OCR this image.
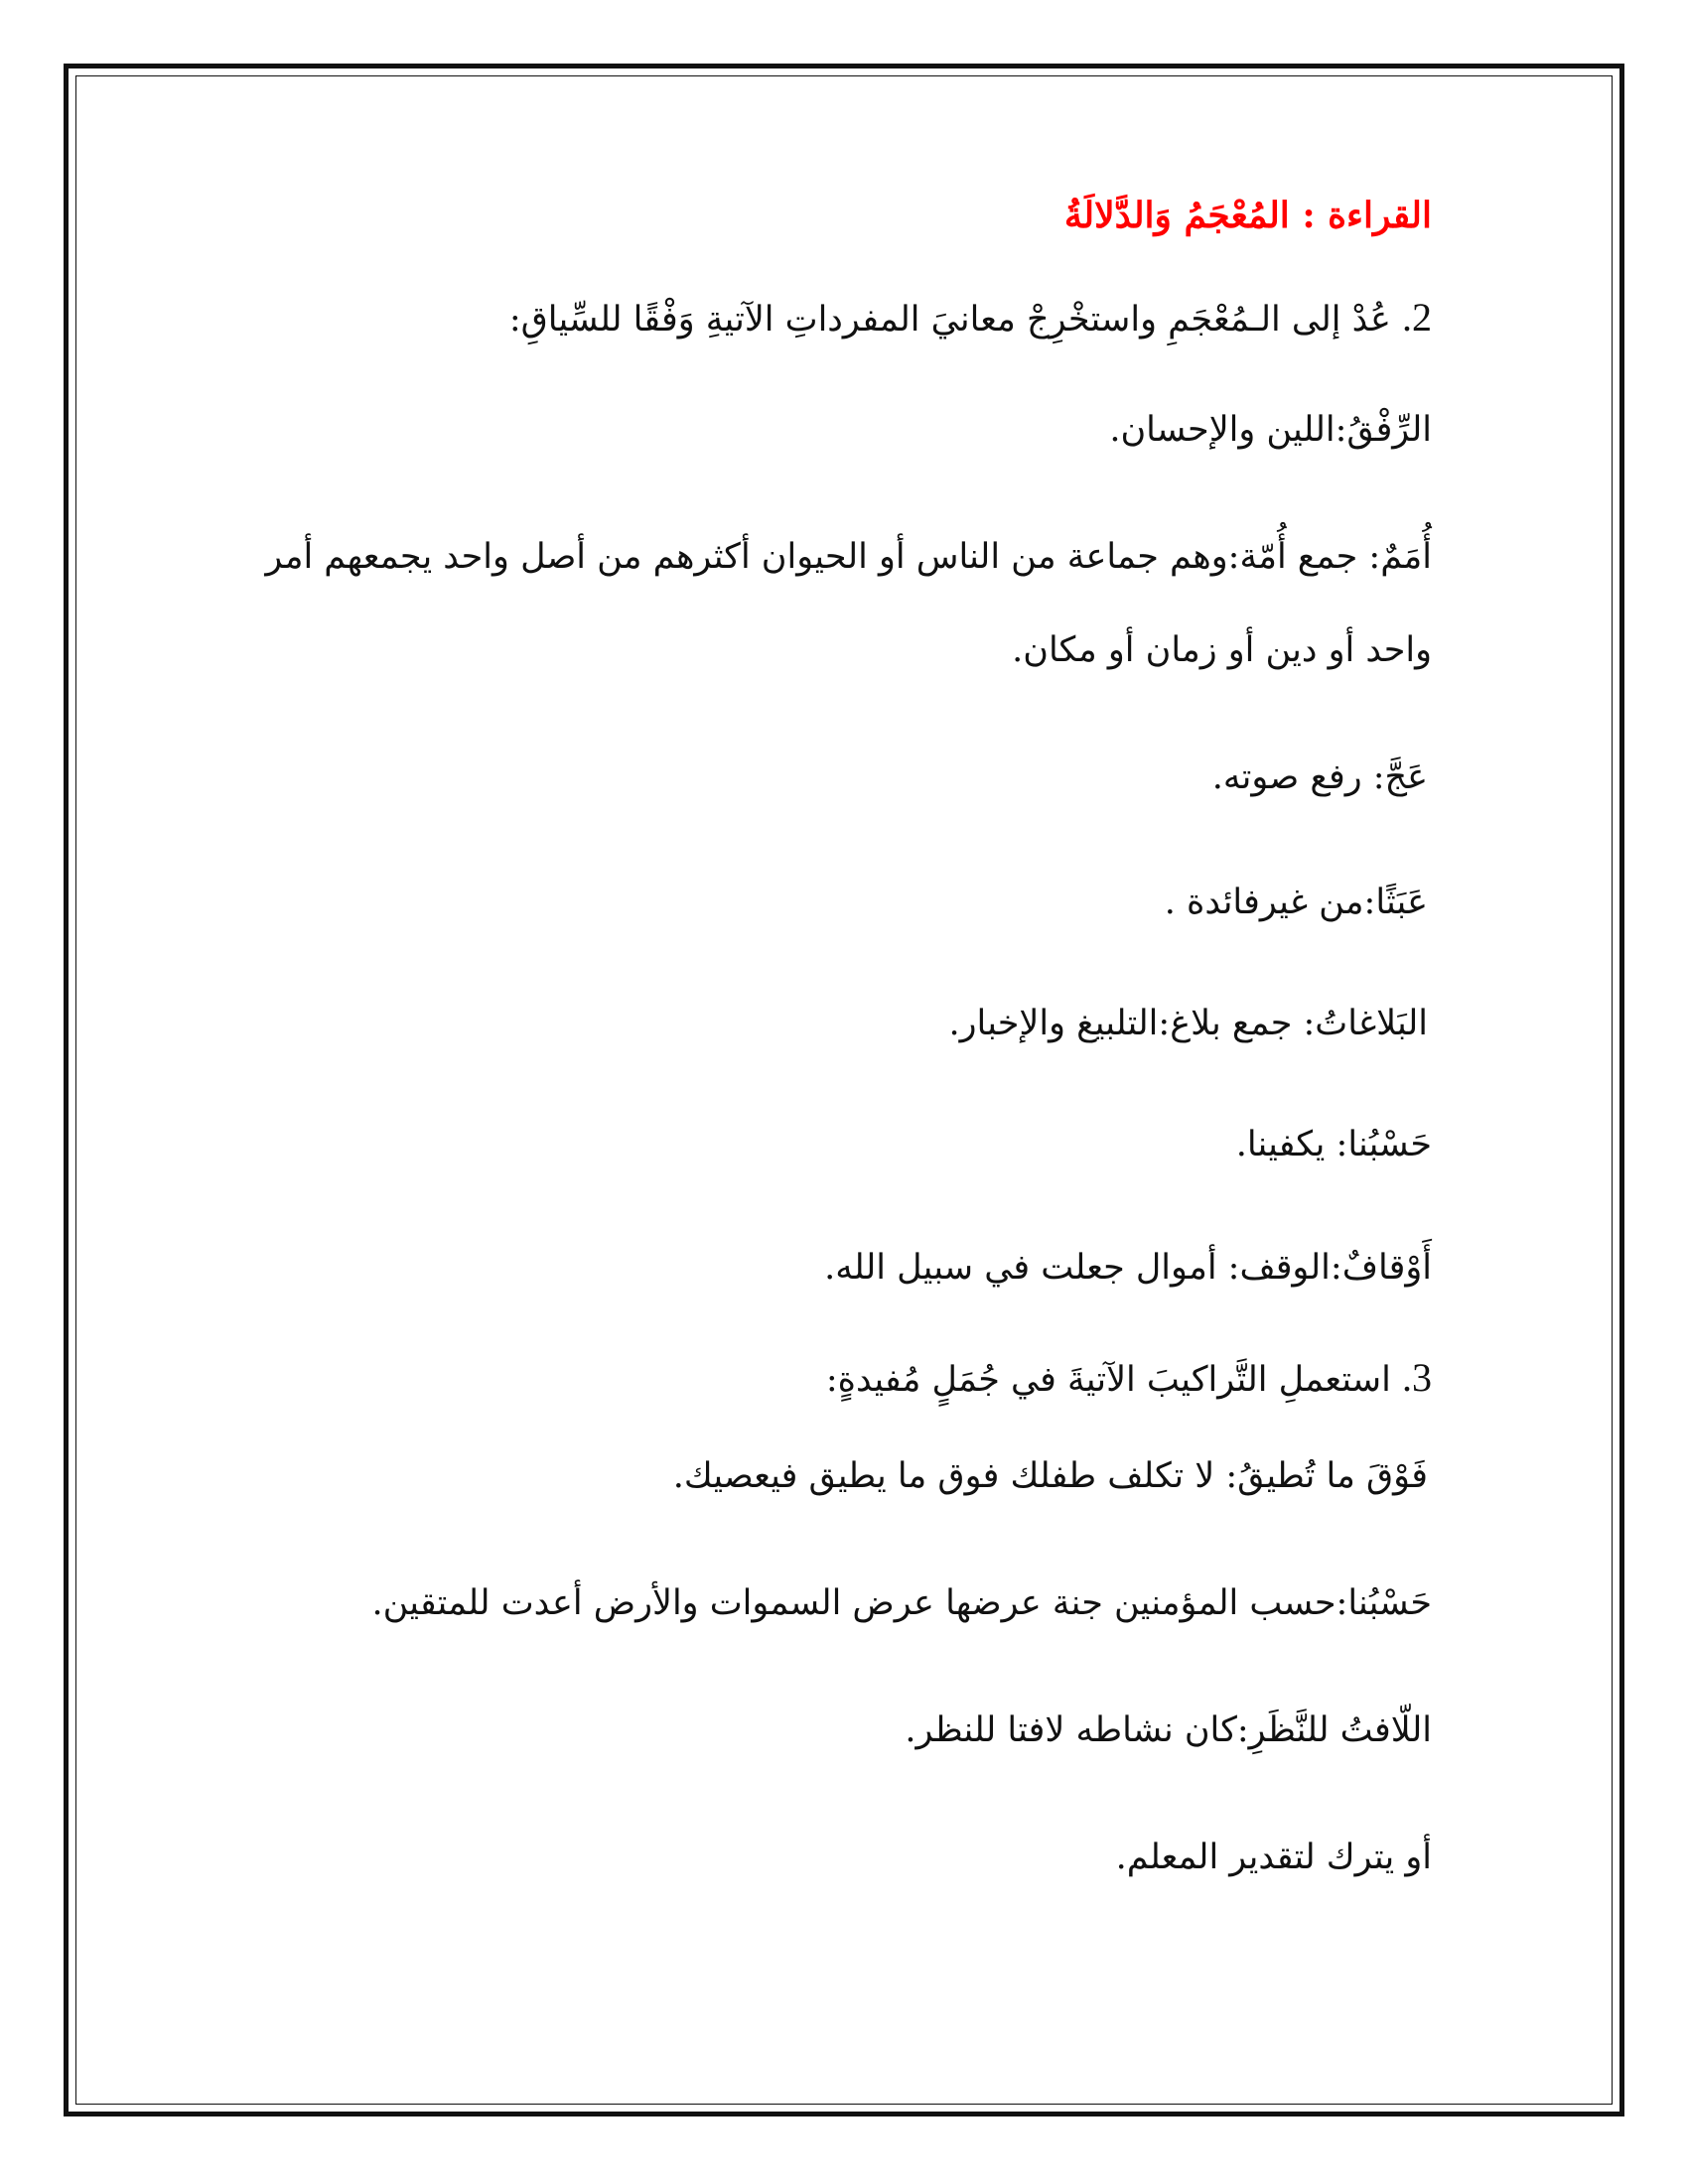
القراءة : المُعْجَمُ وَالدَّلالَةُ
2. عُدْ إلى الـمُعْجَمِ واستخْرِجْ معانيَ المفرداتِ الآتيةِ وَفْقًا للسِّياقِ:
الرِّفْقُ:اللين والإحسان.
أُمَمٌ: جمع أُمّة:وهم جماعة من الناس أو الحيوان أكثرهم من أصل واحد يجمعهم أمر
واحد أو دين أو زمان أو مكان.
عَجَّ: رفع صوته.
عَبَثًا:من غيرفائدة .
البَلاغاتُ: جمع بلاغ:التلبيغ والإخبار.
حَسْبُنا: يكفينا.
أَوْقافٌ:الوقف: أموال جعلت في سبيل الله.
3. استعملِ التَّراكيبَ الآتيةَ في جُمَلٍ مُفيدةٍ:
فَوْقَ ما تُطيقُ: لا تكلف طفلك فوق ما يطيق فيعصيك.
حَسْبُنا:حسب المؤمنين جنة عرضها عرض السموات والأرض أعدت للمتقين.
اللّافتُ للنَّظَرِ:كان نشاطه لافتا للنظر.
أو يترك لتقدير المعلم.
